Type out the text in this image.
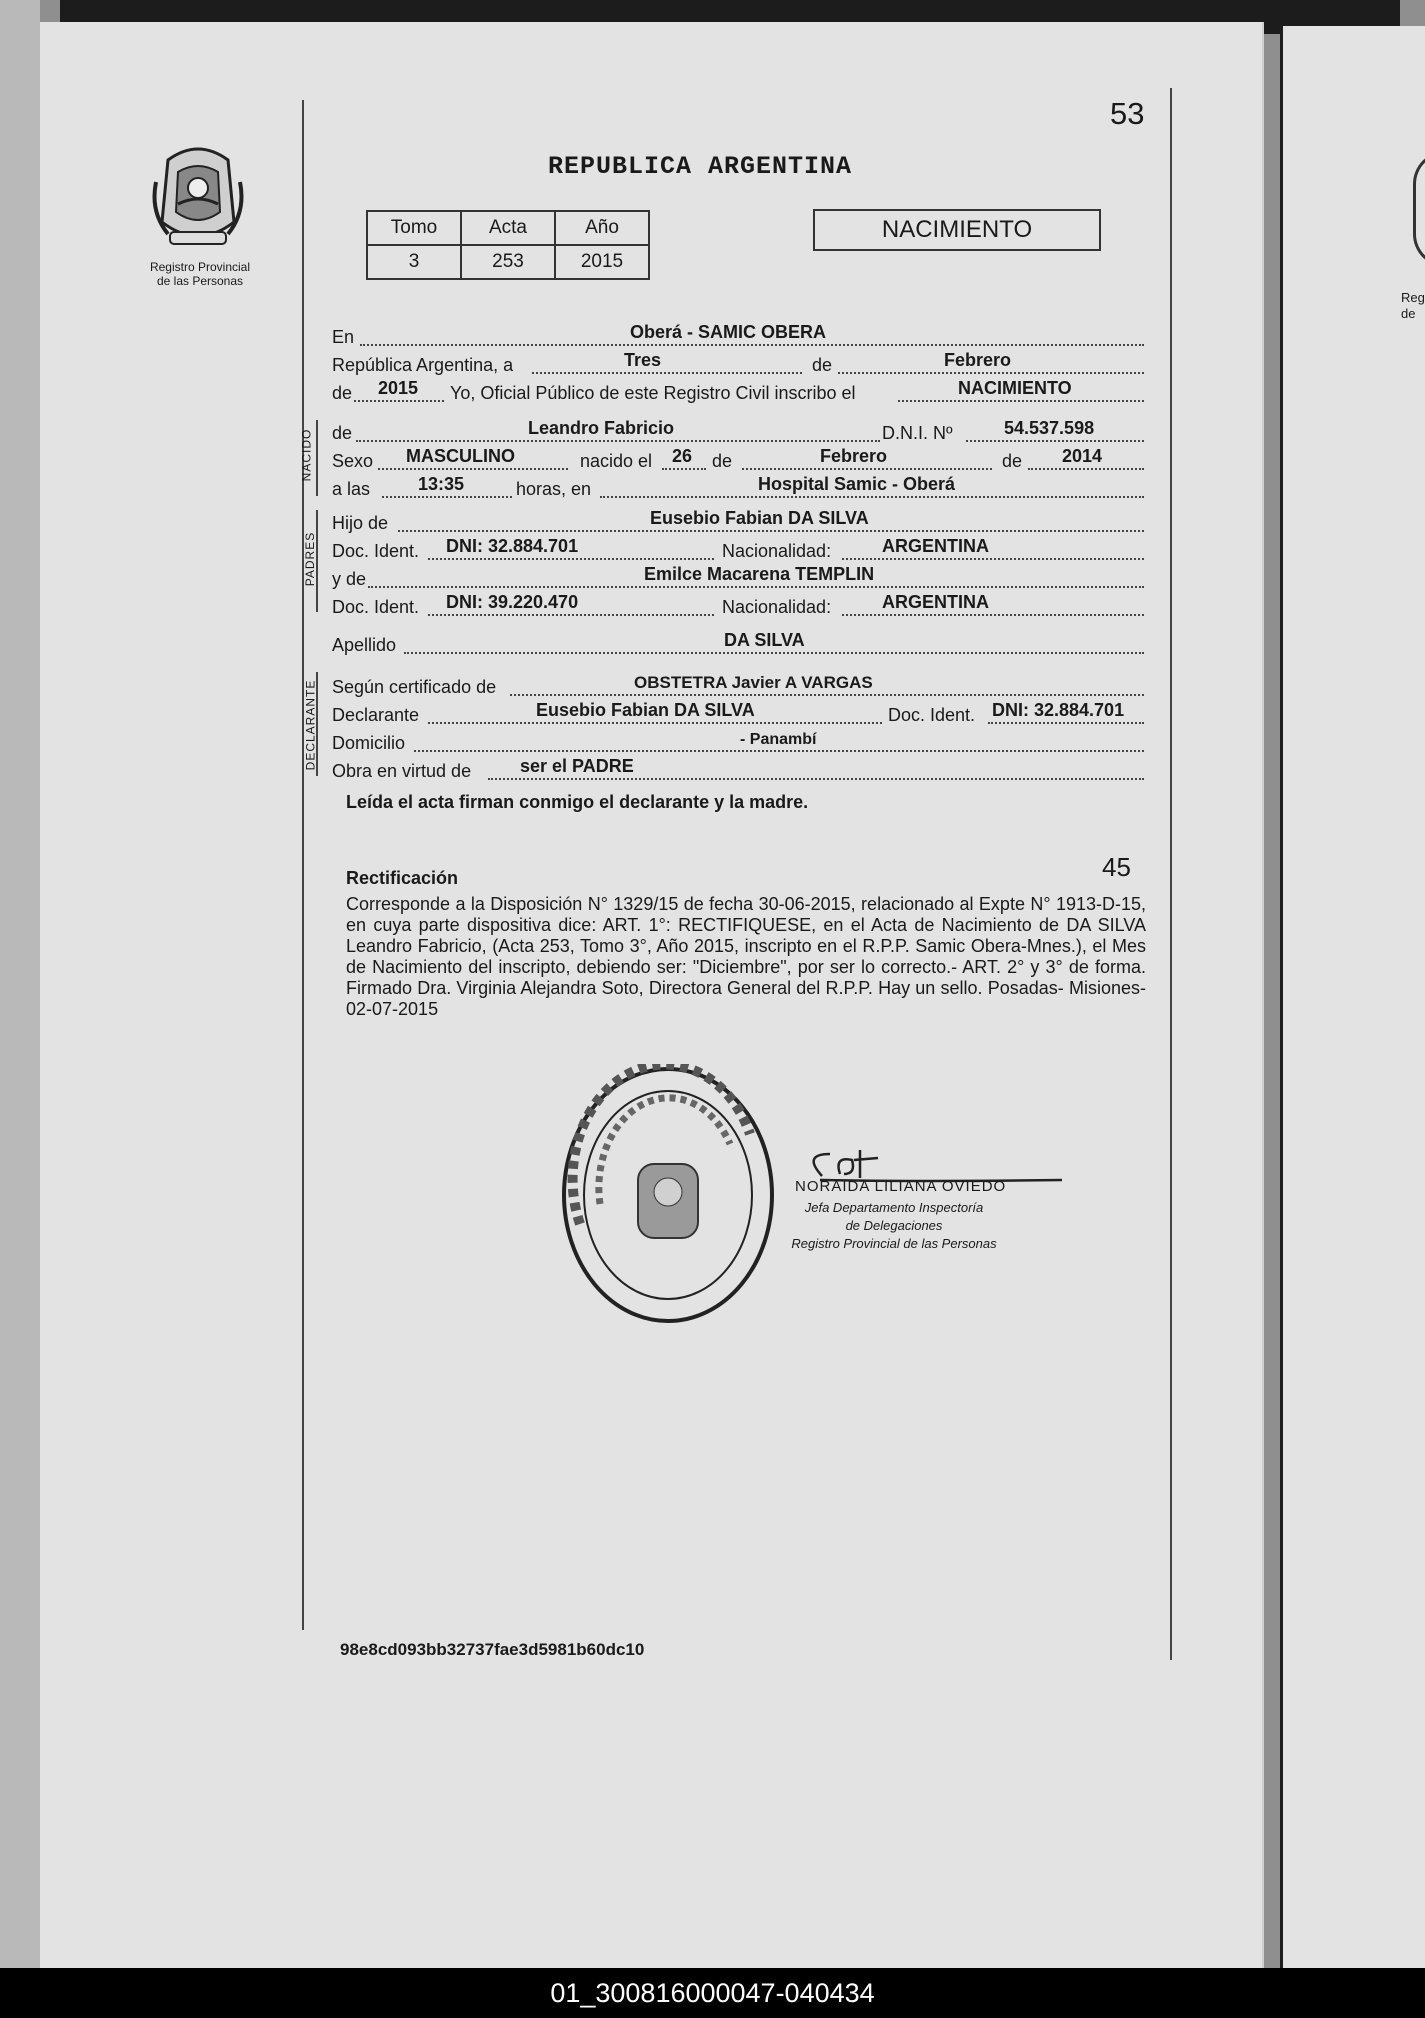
Reg
de
Registro Provincial
de las Personas
53
REPUBLICA ARGENTINA
Tomo	Acta	Año
3	253	2015
NACIMIENTO
En	Oberá - SAMIC OBERA
República Argentina, a	Tres	de	Febrero
de 2015 Yo, Oficial Público de este Registro Civil inscribo el	NACIMIENTO
NACIDO de	Leandro Fabricio	D.N.I. Nº	54.537.598
Sexo MASCULINO	nacido el 26 de	Febrero	de 2014
a las	13:35	horas, en	Hospital Samic - Oberá
PADRES
Hijo de	Eusebio Fabian DA SILVA
Doc. Ident. DNI: 32.884.701	Nacionalidad:	ARGENTINA
y de	Emilce Macarena TEMPLIN
Doc. Ident. DNI: 39.220.470	Nacionalidad:	ARGENTINA
Apellido	DA SILVA
DECLARANTE Según certificado de	OBSTETRA Javier A VARGAS
Declarante	Eusebio Fabian DA SILVA	Doc. Ident. DNI: 32.884.701
Domicilio	- Panambí
Obra en virtud de	ser el PADRE
Leída el acta firman conmigo el declarante y la madre.
Rectificación	45
Corresponde a la Disposición N° 1329/15 de fecha 30-06-2015, relacionado al Expte N° 1913-D-15, en cuya parte dispositiva dice: ART. 1°: RECTIFIQUESE, en el Acta de Nacimiento de DA SILVA Leandro Fabricio, (Acta 253, Tomo 3°, Año 2015, inscripto en el R.P.P. Samic Obera-Mnes.), el Mes de Nacimiento del inscripto, debiendo ser: "Diciembre", por ser lo correcto.- ART. 2° y 3° de forma. Firmado Dra. Virginia Alejandra Soto, Directora General del R.P.P. Hay un sello. Posadas- Misiones- 02-07-2015
NORAIDA LILIANA OVIEDO
Jefa Departamento Inspectoría
de Delegaciones
Registro Provincial de las Personas
98e8cd093bb32737fae3d5981b60dc10
01_300816000047-040434
